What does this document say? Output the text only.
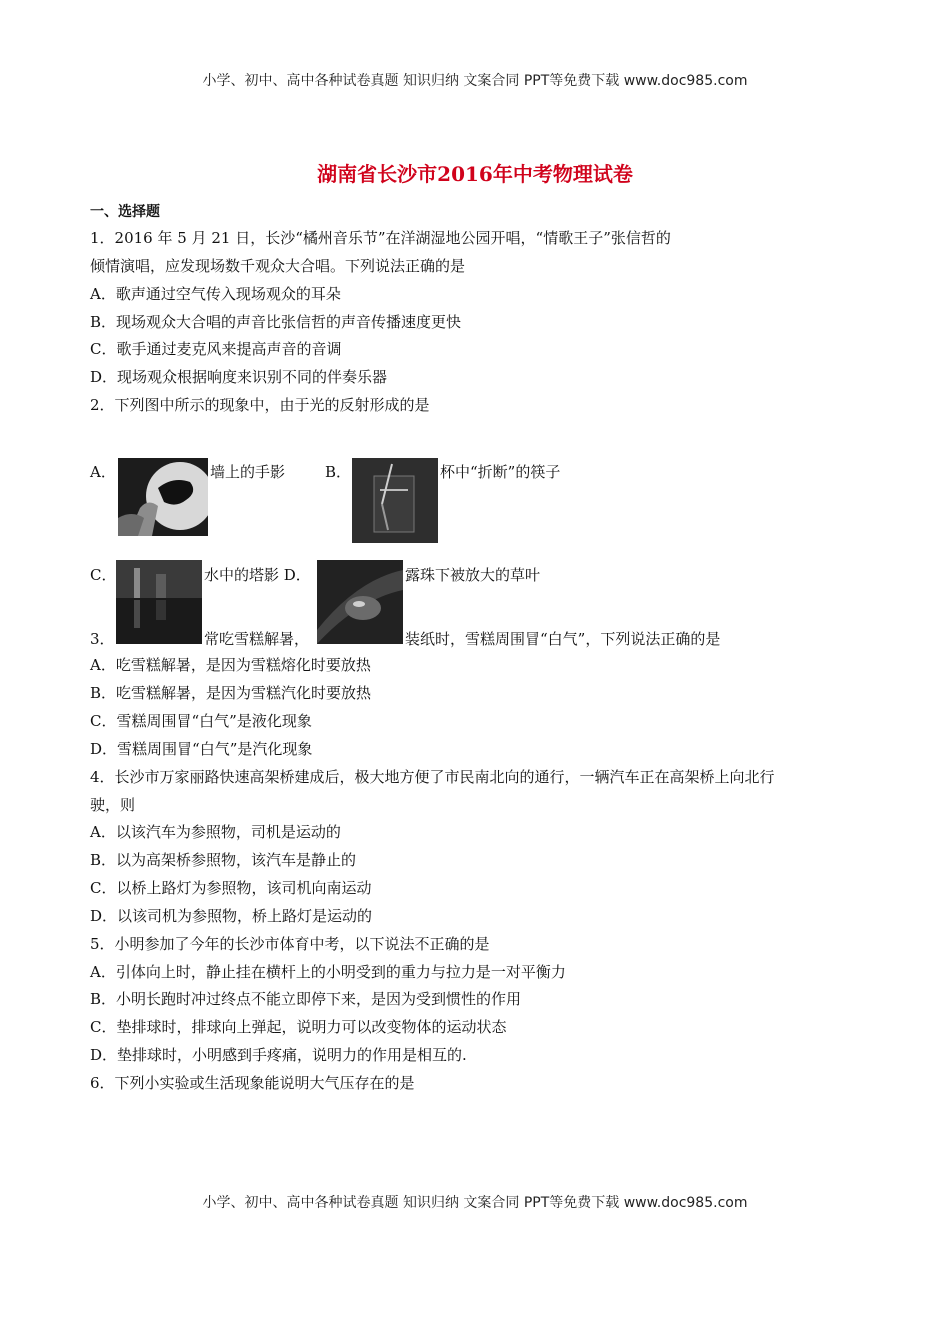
小学、初中、高中各种试卷真题 知识归纳 文案合同 PPT等免费下载 www.doc985.com
湖南省长沙市2016年中考物理试卷
一、选择题
1．2016 年 5 月 21 日，长沙“橘州音乐节”在洋湖湿地公园开唱，“情歌王子”张信哲的
倾情演唱，应发现场数千观众大合唱。下列说法正确的是
A．歌声通过空气传入现场观众的耳朵
B．现场观众大合唱的声音比张信哲的声音传播速度更快
C．歌手通过麦克风来提高声音的音调
D．现场观众根据响度来识别不同的伴奏乐器
2．下列图中所示的现象中，由于光的反射形成的是
A．	墙上的手影	B．	杯中“折断”的筷子
C．	水中的塔影 D．	露珠下被放大的草叶
3．	常吃雪糕解暑，	装纸时，雪糕周围冒“白气”，下列说法正确的是
A．吃雪糕解暑，是因为雪糕熔化时要放热
B．吃雪糕解暑，是因为雪糕汽化时要放热
C．雪糕周围冒“白气”是液化现象
D．雪糕周围冒“白气”是汽化现象
4．长沙市万家丽路快速高架桥建成后，极大地方便了市民南北向的通行，一辆汽车正在高架桥上向北行
驶，则
A．以该汽车为参照物，司机是运动的
B．以为高架桥参照物，该汽车是静止的
C．以桥上路灯为参照物，该司机向南运动
D．以该司机为参照物，桥上路灯是运动的
5．小明参加了今年的长沙市体育中考，以下说法不正确的是
A．引体向上时，静止挂在横杆上的小明受到的重力与拉力是一对平衡力
B．小明长跑时冲过终点不能立即停下来，是因为受到惯性的作用
C．垫排球时，排球向上弹起，说明力可以改变物体的运动状态
D．垫排球时，小明感到手疼痛，说明力的作用是相互的.
6．下列小实验或生活现象能说明大气压存在的是
小学、初中、高中各种试卷真题 知识归纳 文案合同 PPT等免费下载 www.doc985.com
